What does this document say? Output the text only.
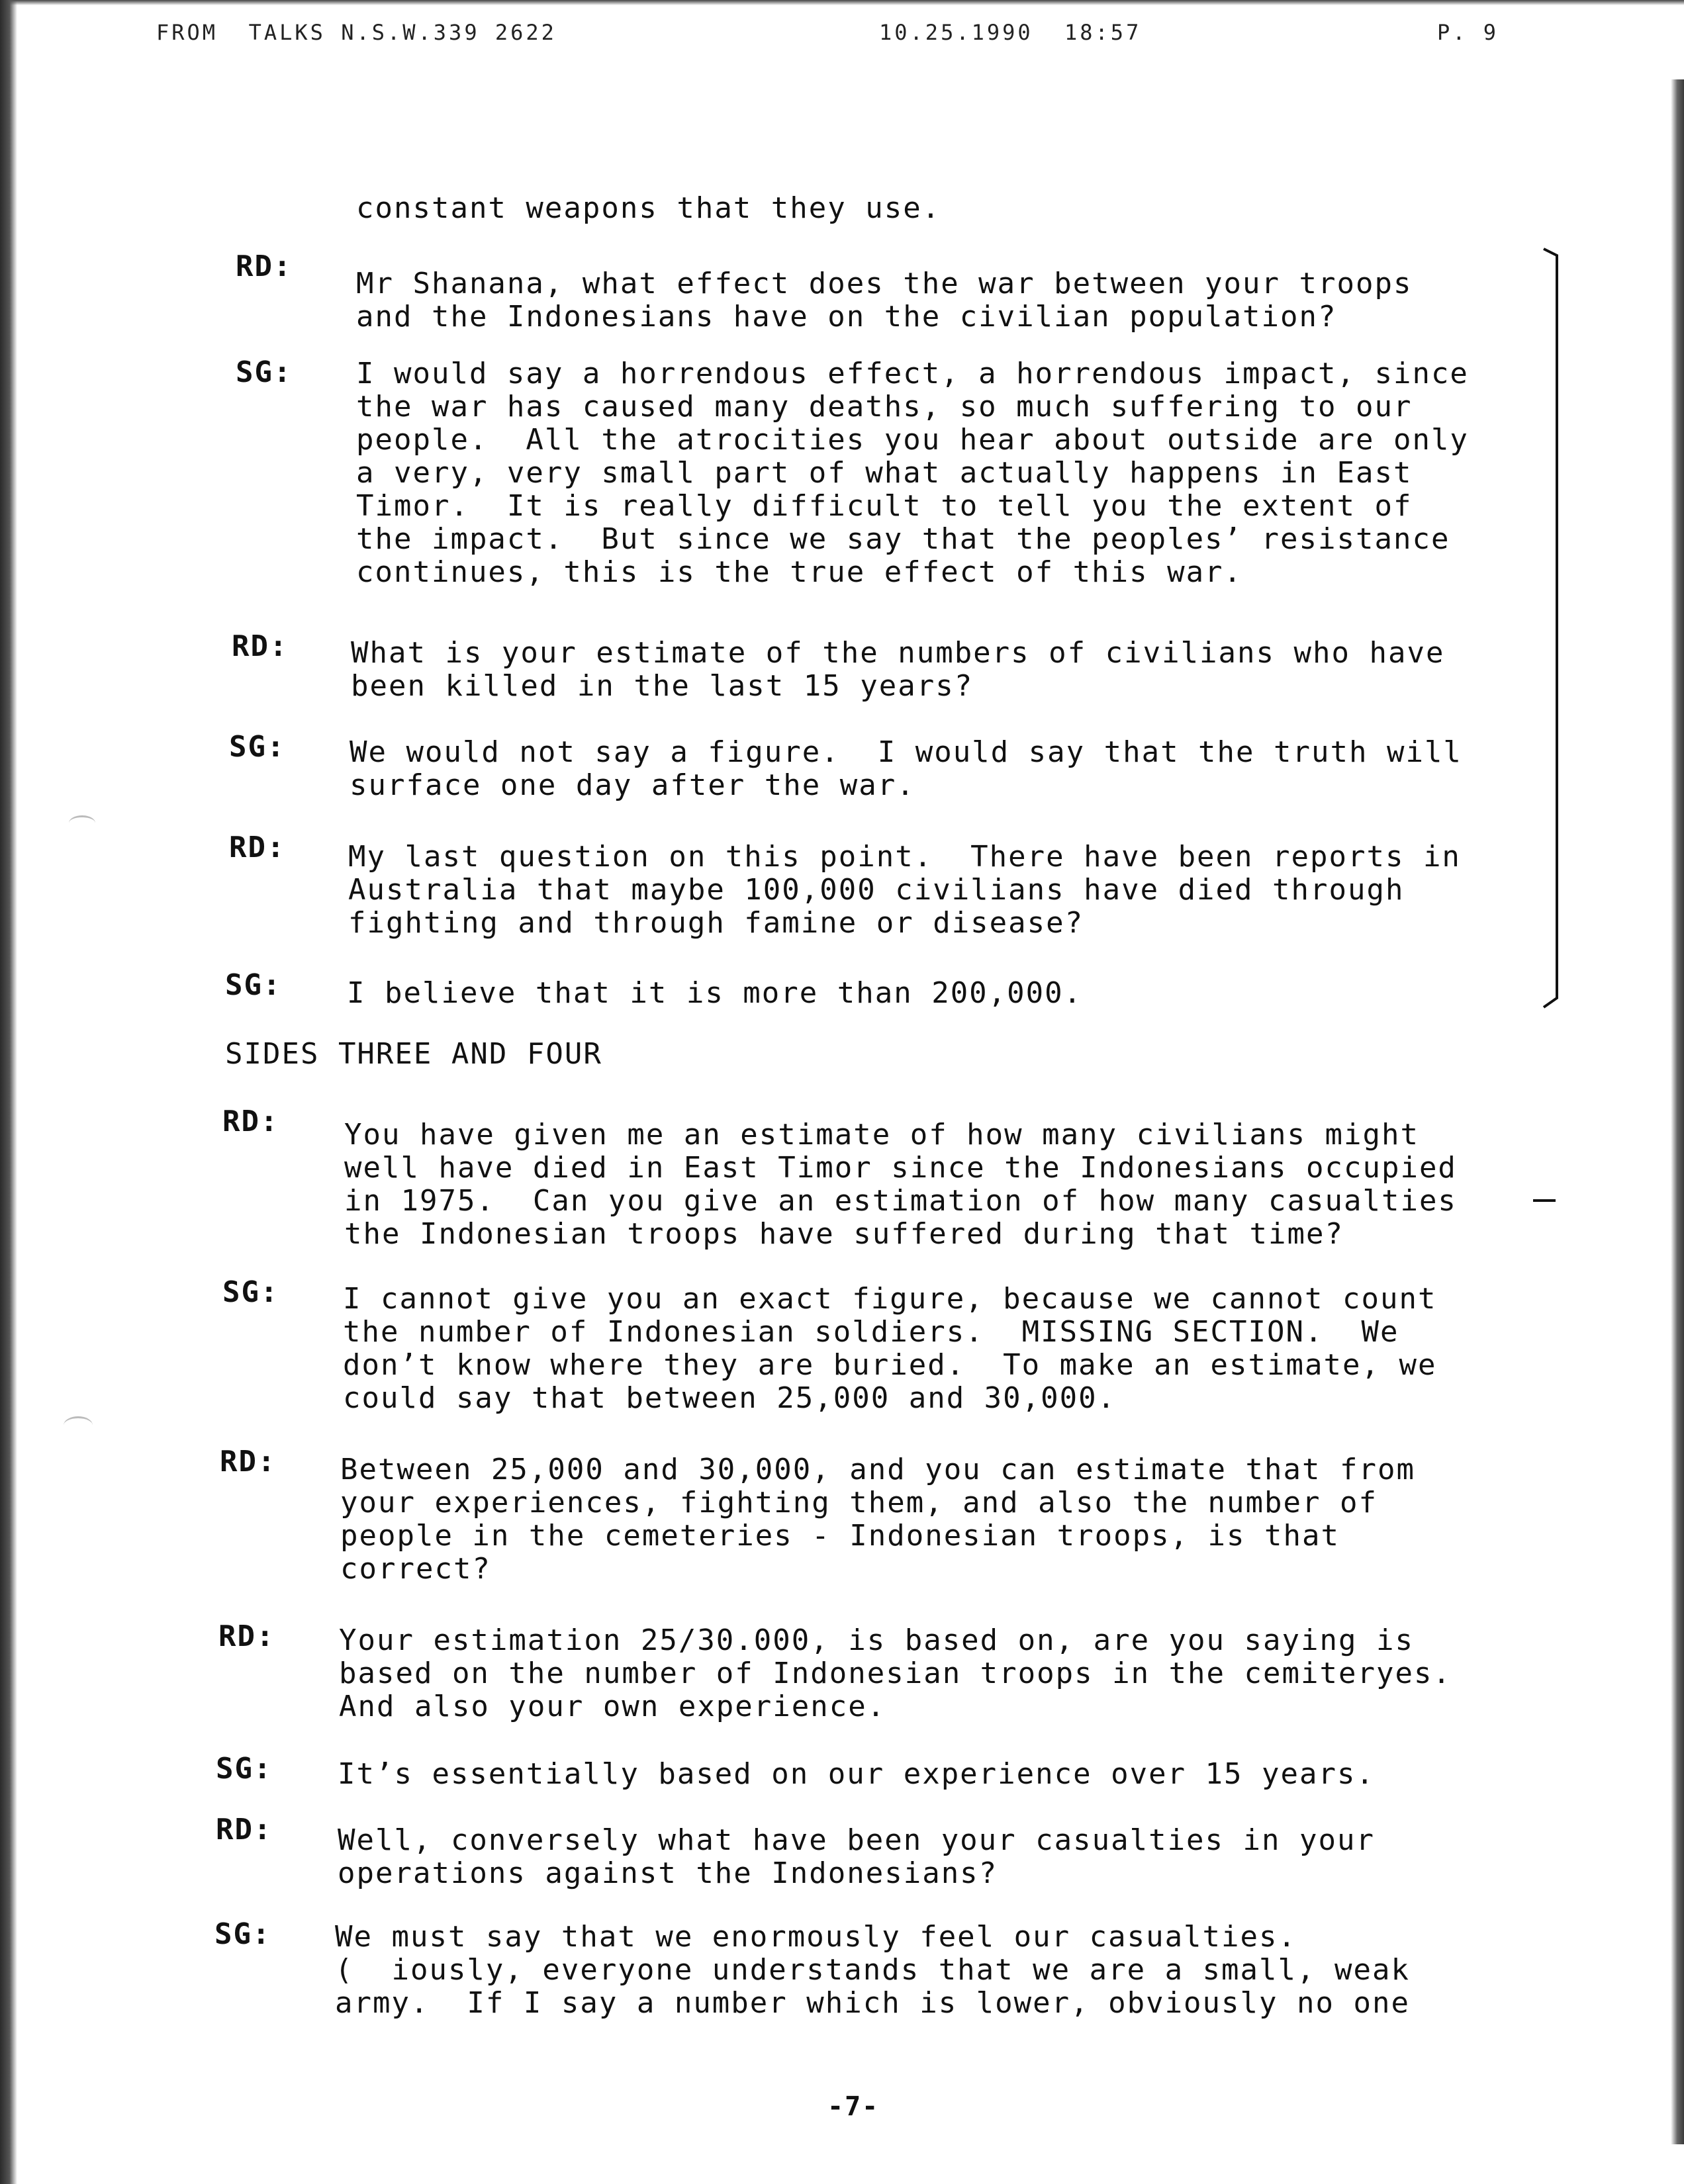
FROM  TALKS N.S.W.339 2622	10.25.1990 18:57	P. 9
constant weapons that they use.
RD:
Mr Shanana, what effect does the war between your troops
and the Indonesians have on the civilian population?
SG: I would say a horrendous effect, a horrendous impact, since
the war has caused many deaths, so much suffering to our
people.  All the atrocities you hear about outside are only
a very, very small part of what actually happens in East
Timor.  It is really difficult to tell you the extent of
the impact.  But since we say that the peoples’ resistance
continues, this is the true effect of this war.
RD: What is your estimate of the numbers of civilians who have
been killed in the last 15 years?
SG: We would not say a figure.  I would say that the truth will
surface one day after the war.
RD: My last question on this point.  There have been reports in
Australia that maybe 100,000 civilians have died through
fighting and through famine or disease?
SG: I believe that it is more than 200,000.
SIDES THREE AND FOUR
RD: You have given me an estimate of how many civilians might
well have died in East Timor since the Indonesians occupied
in 1975.  Can you give an estimation of how many casualties
the Indonesian troops have suffered during that time?
SG: I cannot give you an exact figure, because we cannot count
the number of Indonesian soldiers.  MISSING SECTION.  We
don’t know where they are buried.  To make an estimate, we
could say that between 25,000 and 30,000.
RD: Between 25,000 and 30,000, and you can estimate that from
your experiences, fighting them, and also the number of
people in the cemeteries - Indonesian troops, is that
correct?
RD: Your estimation 25/30.000, is based on, are you saying is
based on the number of Indonesian troops in the cemiteryes.
And also your own experience.
SG: It’s essentially based on our experience over 15 years.
RD: Well, conversely what have been your casualties in your
operations against the Indonesians?
SG: We must say that we enormously feel our casualties.
(  iously, everyone understands that we are a small, weak
army.  If I say a number which is lower, obviously no one
-7-
